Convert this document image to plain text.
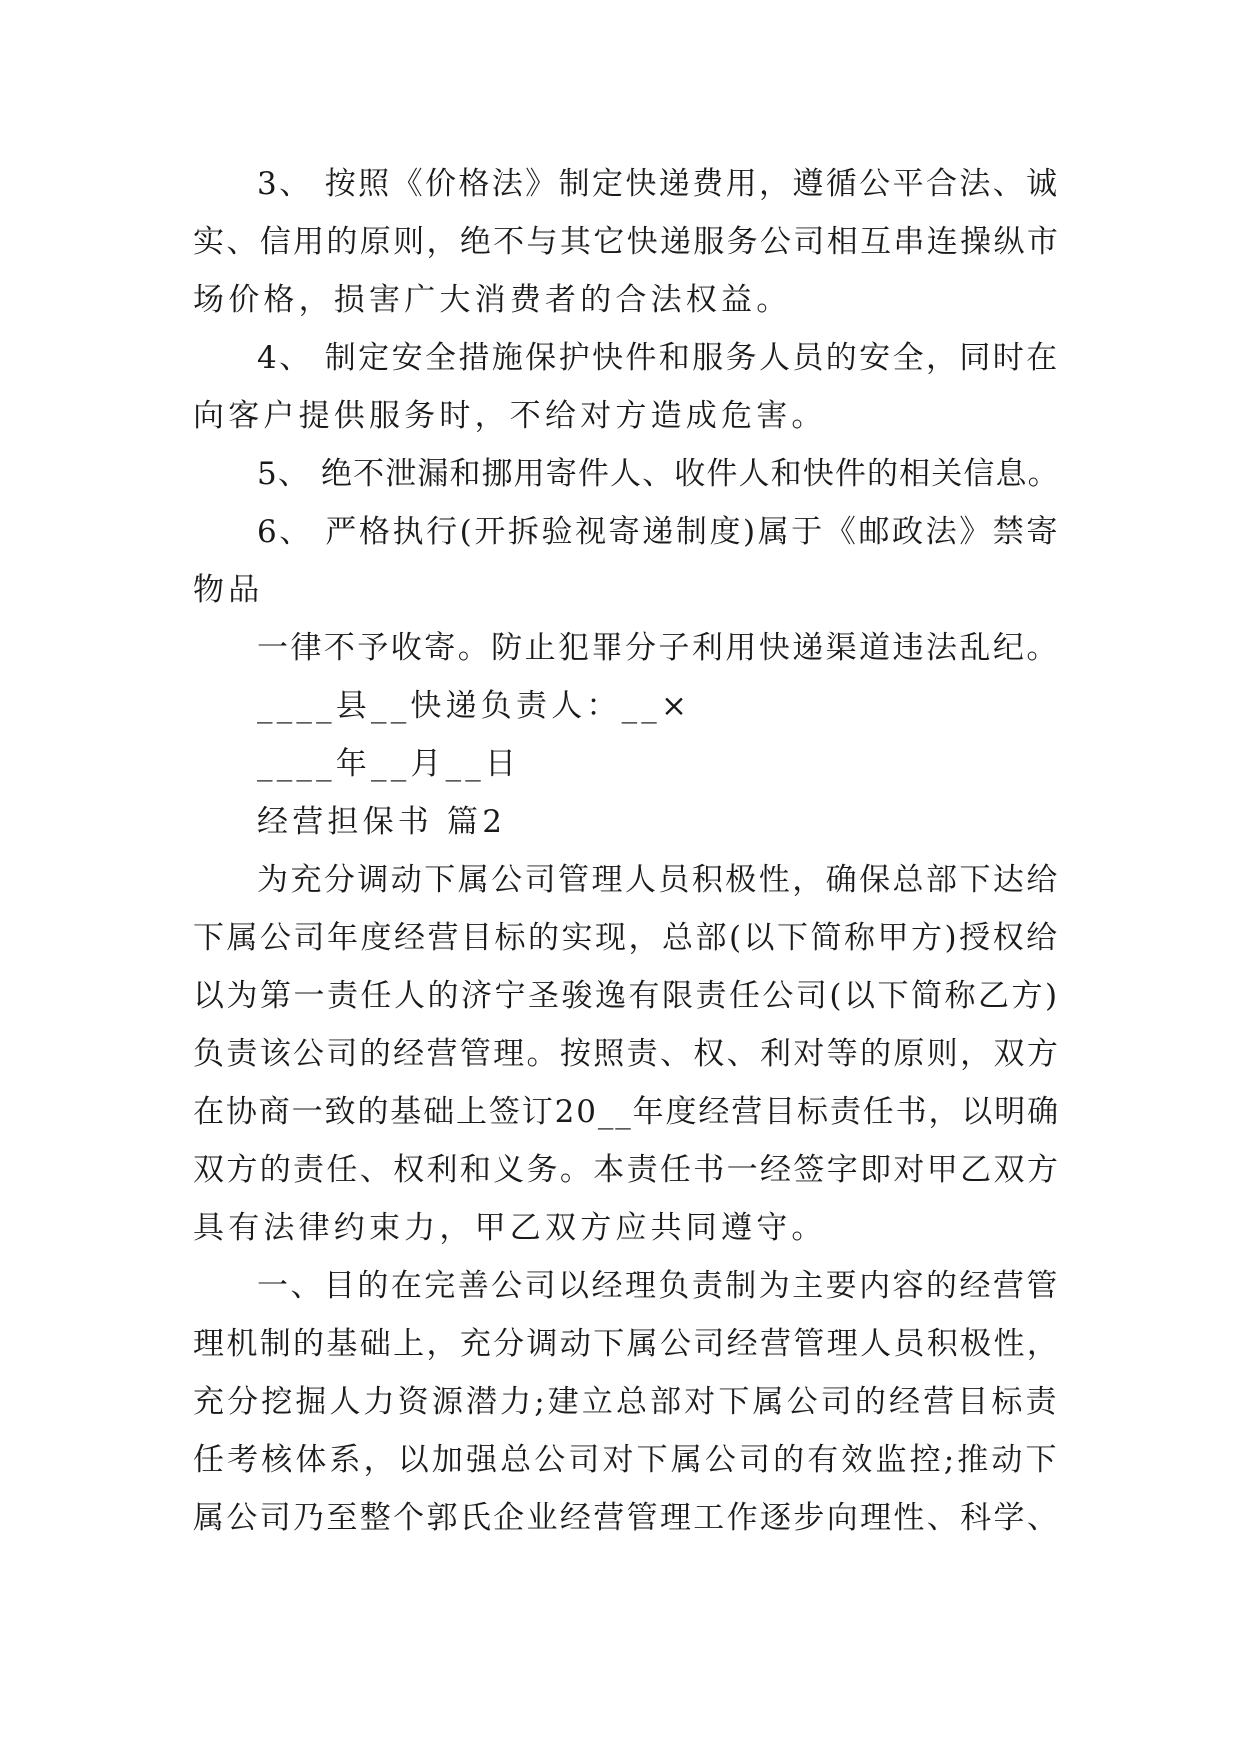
3、 按照《价格法》制定快递费用，遵循公平合法、诚
实、信用的原则，绝不与其它快递服务公司相互串连操纵市
场价格，损害广大消费者的合法权益。
4、 制定安全措施保护快件和服务人员的安全，同时在
向客户提供服务时，不给对方造成危害。
5、 绝不泄漏和挪用寄件人、收件人和快件的相关信息。
6、 严格执行(开拆验视寄递制度)属于《邮政法》禁寄
物品
一律不予收寄。防止犯罪分子利用快递渠道违法乱纪。
____县__快递负责人：__×
____年__月__日
经营担保书 篇2
为充分调动下属公司管理人员积极性，确保总部下达给
下属公司年度经营目标的实现，总部(以下简称甲方)授权给
以为第一责任人的济宁圣骏逸有限责任公司(以下简称乙方)
负责该公司的经营管理。按照责、权、利对等的原则，双方
在协商一致的基础上签订20__年度经营目标责任书，以明确
双方的责任、权利和义务。本责任书一经签字即对甲乙双方
具有法律约束力，甲乙双方应共同遵守。
一、目的在完善公司以经理负责制为主要内容的经营管
理机制的基础上，充分调动下属公司经营管理人员积极性，
充分挖掘人力资源潜力;建立总部对下属公司的经营目标责
任考核体系，以加强总公司对下属公司的有效监控;推动下
属公司乃至整个郭氏企业经营管理工作逐步向理性、科学、
